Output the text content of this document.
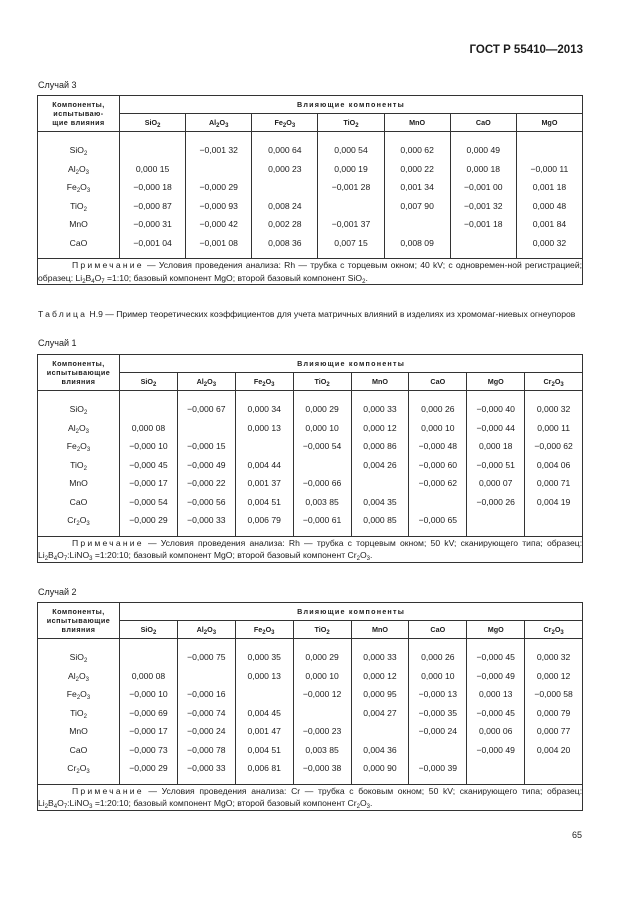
ГОСТ Р 55410—2013
Случай 3
Компоненты,
испытываю-
щие влияния	Влияющие компоненты						
	SiO$_2$	$Al_2O_3$	$Fe_2O_3$	TiO$_2$	MnO	CaO	MgO

SiO$_2$		−0,001 32	0,000 64	0,000 54	0,000 62	0,000 49	
$Al_2O_3$	0,000 15		0,000 23	0,000 19	0,000 22	0,000 18	−0,000 11
$Fe_2O_3$	−0,000 18	−0,000 29		−0,001 28	0,001 34	−0,001 00	0,001 18
TiO$_2$	−0,000 87	−0,000 93	0,008 24		0,007 90	−0,001 32	0,000 48
MnO	−0,000 31	−0,000 42	0,002 28	−0,001 37		−0,001 18	0,001 84
CaO	−0,001 04	−0,001 08	0,008 36	0,007 15	0,008 09		0,000 32

Примечание — Условия проведения анализа: Rh — трубка с торцевым окном; 40 kV; с одновремен-ной регистрацией; образец: $Li_2B_4O_7$ =1:10; базовый компонент MgO; второй базовый компонент SiO$_2$.							
Таблица Н.9 — Пример теоретических коэффициентов для учета матричных влияний в изделиях из хромомаг-ниевых огнеупоров
Случай 1
Компоненты,
испытывающие
влияния	Влияющие компоненты							
	SiO$_2$	$Al_2O_3$	$Fe_2O_3$	TiO$_2$	MnO	CaO	MgO	$Cr_2O_3$

SiO$_2$		−0,000 67	0,000 34	0,000 29	0,000 33	0,000 26	−0,000 40	0,000 32
$Al_2O_3$	0,000 08		0,000 13	0,000 10	0,000 12	0,000 10	−0,000 44	0,000 11
$Fe_2O_3$	−0,000 10	−0,000 15		−0,000 54	0,000 86	−0,000 48	0,000 18	−0,000 62
TiO$_2$	−0,000 45	−0,000 49	0,004 44		0,004 26	−0,000 60	−0,000 51	0,004 06
MnO	−0,000 17	−0,000 22	0,001 37	−0,000 66		−0,000 62	0,000 07	0,000 71
CaO	−0,000 54	−0,000 56	0,004 51	0,003 85	0,004 35		−0,000 26	0,004 19
$Cr_2O_3$	−0,000 29	−0,000 33	0,006 79	−0,000 61	0,000 85	−0,000 65		

Примечание — Условия проведения анализа: Rh — трубка с торцевым окном; 50 kV; сканирующего типа; образец: $Li_2B_4O_7:LiNO_3$ =1:20:10; базовый компонент MgO; второй базовый компонент $Cr_2O_3$.								
Случай 2
Компоненты,
испытывающие
влияния	Влияющие компоненты							
	SiO$_2$	$Al_2O_3$	$Fe_2O_3$	TiO$_2$	MnO	CaO	MgO	$Cr_2O_3$

SiO$_2$		−0,000 75	0,000 35	0,000 29	0,000 33	0,000 26	−0,000 45	0,000 32
$Al_2O_3$	0,000 08		0,000 13	0,000 10	0,000 12	0,000 10	−0,000 49	0,000 12
$Fe_2O_3$	−0,000 10	−0,000 16		−0,000 12	0,000 95	−0,000 13	0,000 13	−0,000 58
TiO$_2$	−0,000 69	−0,000 74	0,004 45		0,004 27	−0,000 35	−0,000 45	0,000 79
MnO	−0,000 17	−0,000 24	0,001 47	−0,000 23		−0,000 24	0,000 06	0,000 77
CaO	−0,000 73	−0,000 78	0,004 51	0,003 85	0,004 36		−0,000 49	0,004 20
$Cr_2O_3$	−0,000 29	−0,000 33	0,006 81	−0,000 38	0,000 90	−0,000 39		

Примечание — Условия проведения анализа: Cr — трубка с боковым окном; 50 kV; сканирующего типа; образец: $Li_2B_4O_7:LiNO_3$ =1:20:10; базовый компонент MgO; второй базовый компонент $Cr_2O_3$.								
65
